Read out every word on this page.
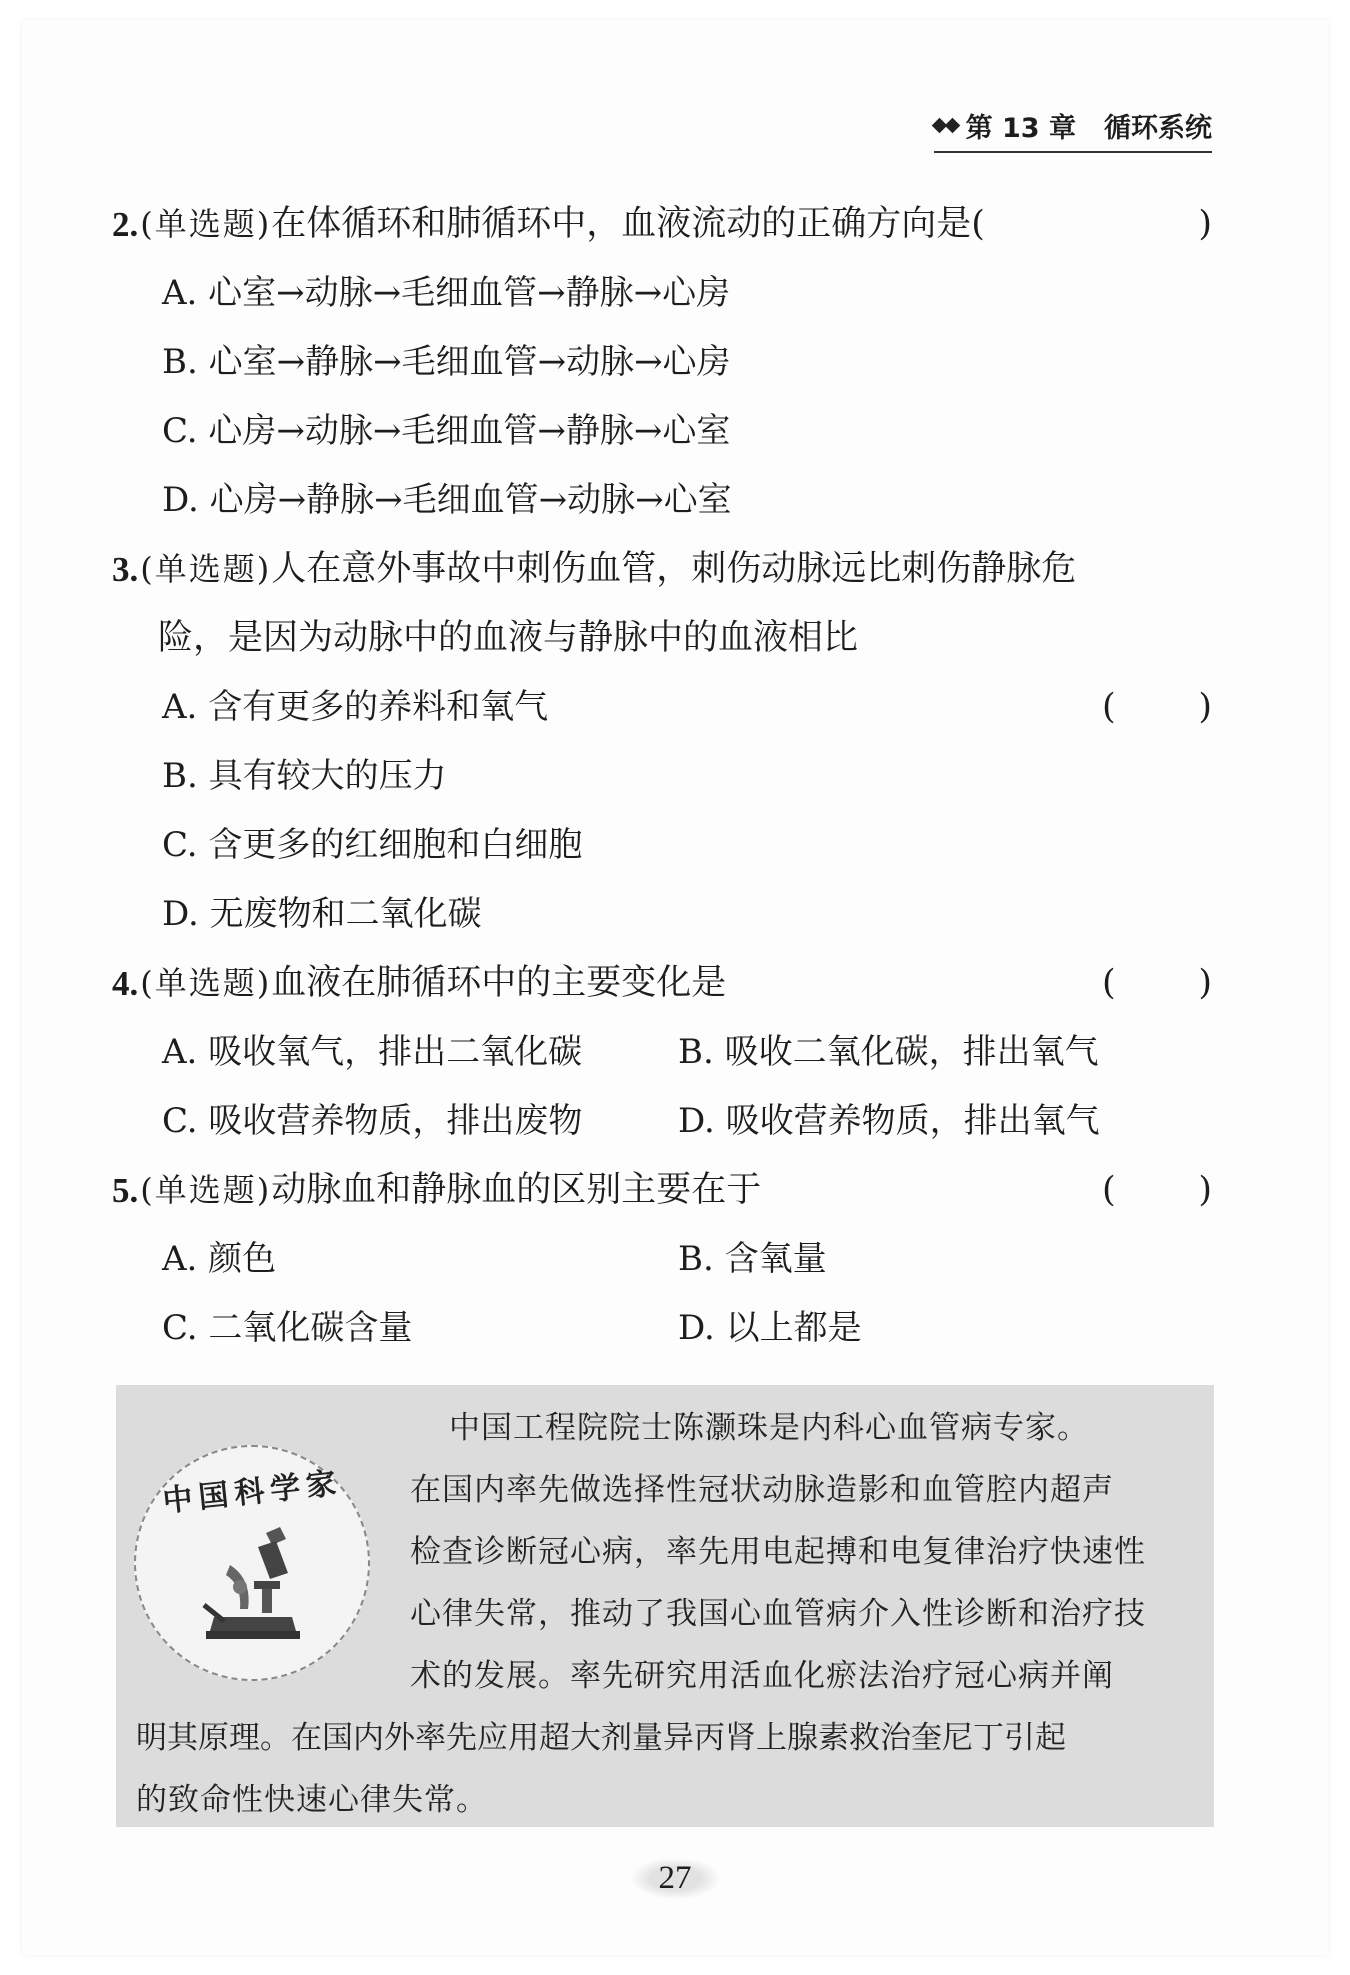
第 13 章 循环系统
2. (单选题) 在体循环和肺循环中，血液流动的正确方向是(	)
A. 心室→动脉→毛细血管→静脉→心房
B. 心室→静脉→毛细血管→动脉→心房
C. 心房→动脉→毛细血管→静脉→心室
D. 心房→静脉→毛细血管→动脉→心室
3. (单选题) 人在意外事故中刺伤血管，刺伤动脉远比刺伤静脉危
险，是因为动脉中的血液与静脉中的血液相比
( )
A. 含有更多的养料和氧气
B. 具有较大的压力
C. 含更多的红细胞和白细胞
D. 无废物和二氧化碳
4. (单选题) 血液在肺循环中的主要变化是	( )
A. 吸收氧气，排出二氧化碳	B. 吸收二氧化碳，排出氧气
C. 吸收营养物质，排出废物	D. 吸收营养物质，排出氧气
5. (单选题) 动脉血和静脉血的区别主要在于	( )
A. 颜色	B. 含氧量
C. 二氧化碳含量	D. 以上都是
中国科学家
中国工程院院士陈灏珠是内科心血管病专家。
在国内率先做选择性冠状动脉造影和血管腔内超声
检查诊断冠心病，率先用电起搏和电复律治疗快速性
心律失常，推动了我国心血管病介入性诊断和治疗技
术的发展。率先研究用活血化瘀法治疗冠心病并阐
明其原理。在国内外率先应用超大剂量异丙肾上腺素救治奎尼丁引起
的致命性快速心律失常。
27
